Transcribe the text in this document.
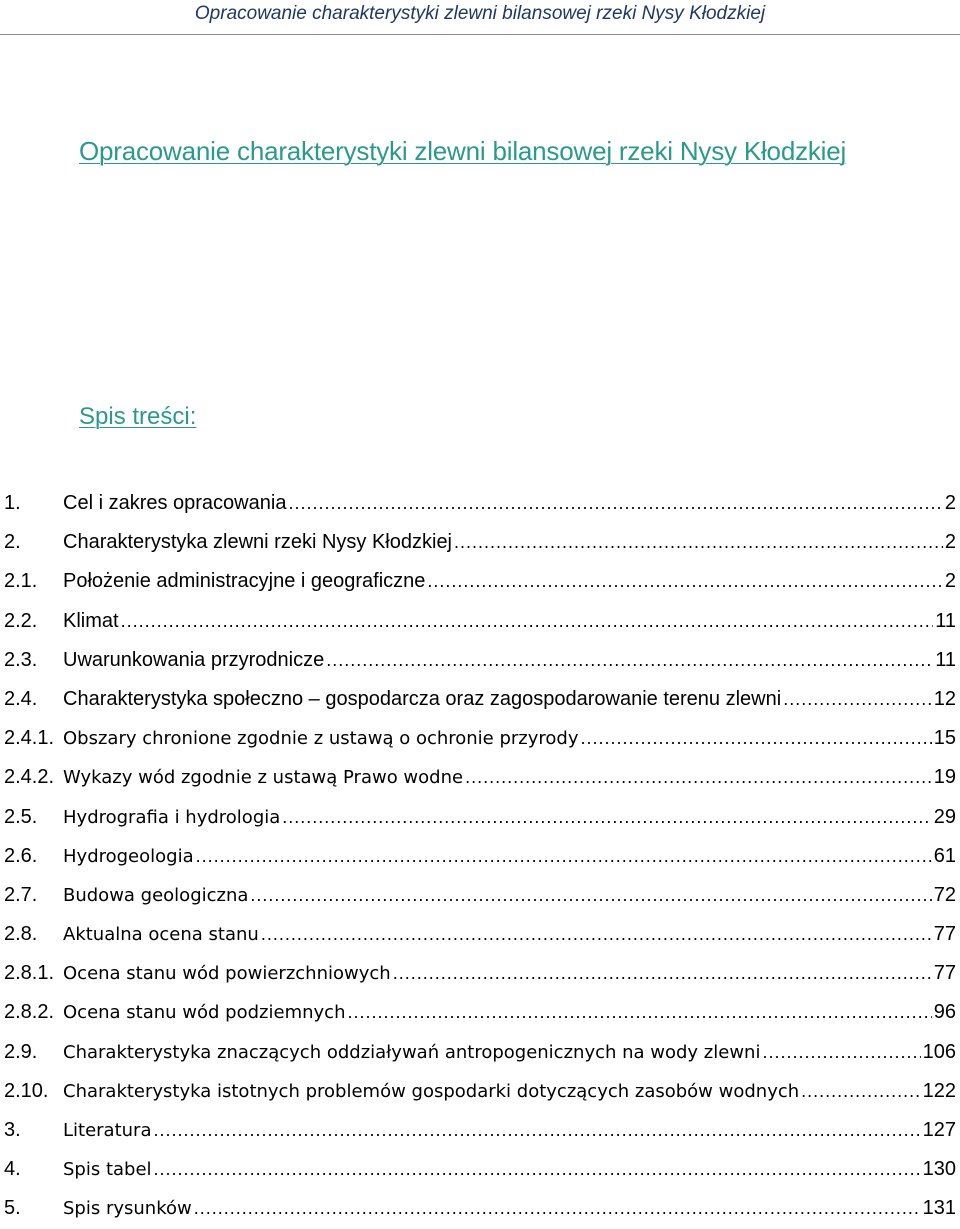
Opracowanie charakterystyki zlewni bilansowej rzeki Nysy Kłodzkiej
Opracowanie charakterystyki zlewni bilansowej rzeki Nysy Kłodzkiej
Spis treści:
1.	Cel i zakres opracowania .....	2
2.	Charakterystyka zlewni rzeki Nysy Kłodzkiej .....	2
2.1.	Położenie administracyjne i geograficzne .....	2
2.2.	Klimat .....	11
2.3.	Uwarunkowania przyrodnicze .....	11
2.4.	Charakterystyka społeczno – gospodarcza oraz zagospodarowanie terenu zlewni .....	12
2.4.1. Obszary chronione zgodnie z ustawą o ochronie przyrody .....	15
2.4.2. Wykazy wód zgodnie z ustawą Prawo wodne .....	19
2.5.	Hydrografia i hydrologia .....	29
2.6.	Hydrogeologia .....	61
2.7.	Budowa geologiczna .....	72
2.8.	Aktualna ocena stanu .....	77
2.8.1. Ocena stanu wód powierzchniowych .....	77
2.8.2. Ocena stanu wód podziemnych .....	96
2.9.	Charakterystyka znaczących oddziaływań antropogenicznych na wody zlewni .....	106
2.10. Charakterystyka istotnych problemów gospodarki dotyczących zasobów wodnych .....	122
3.	Literatura .....	127
4.	Spis tabel .....	130
5.	Spis rysunków .....	131
